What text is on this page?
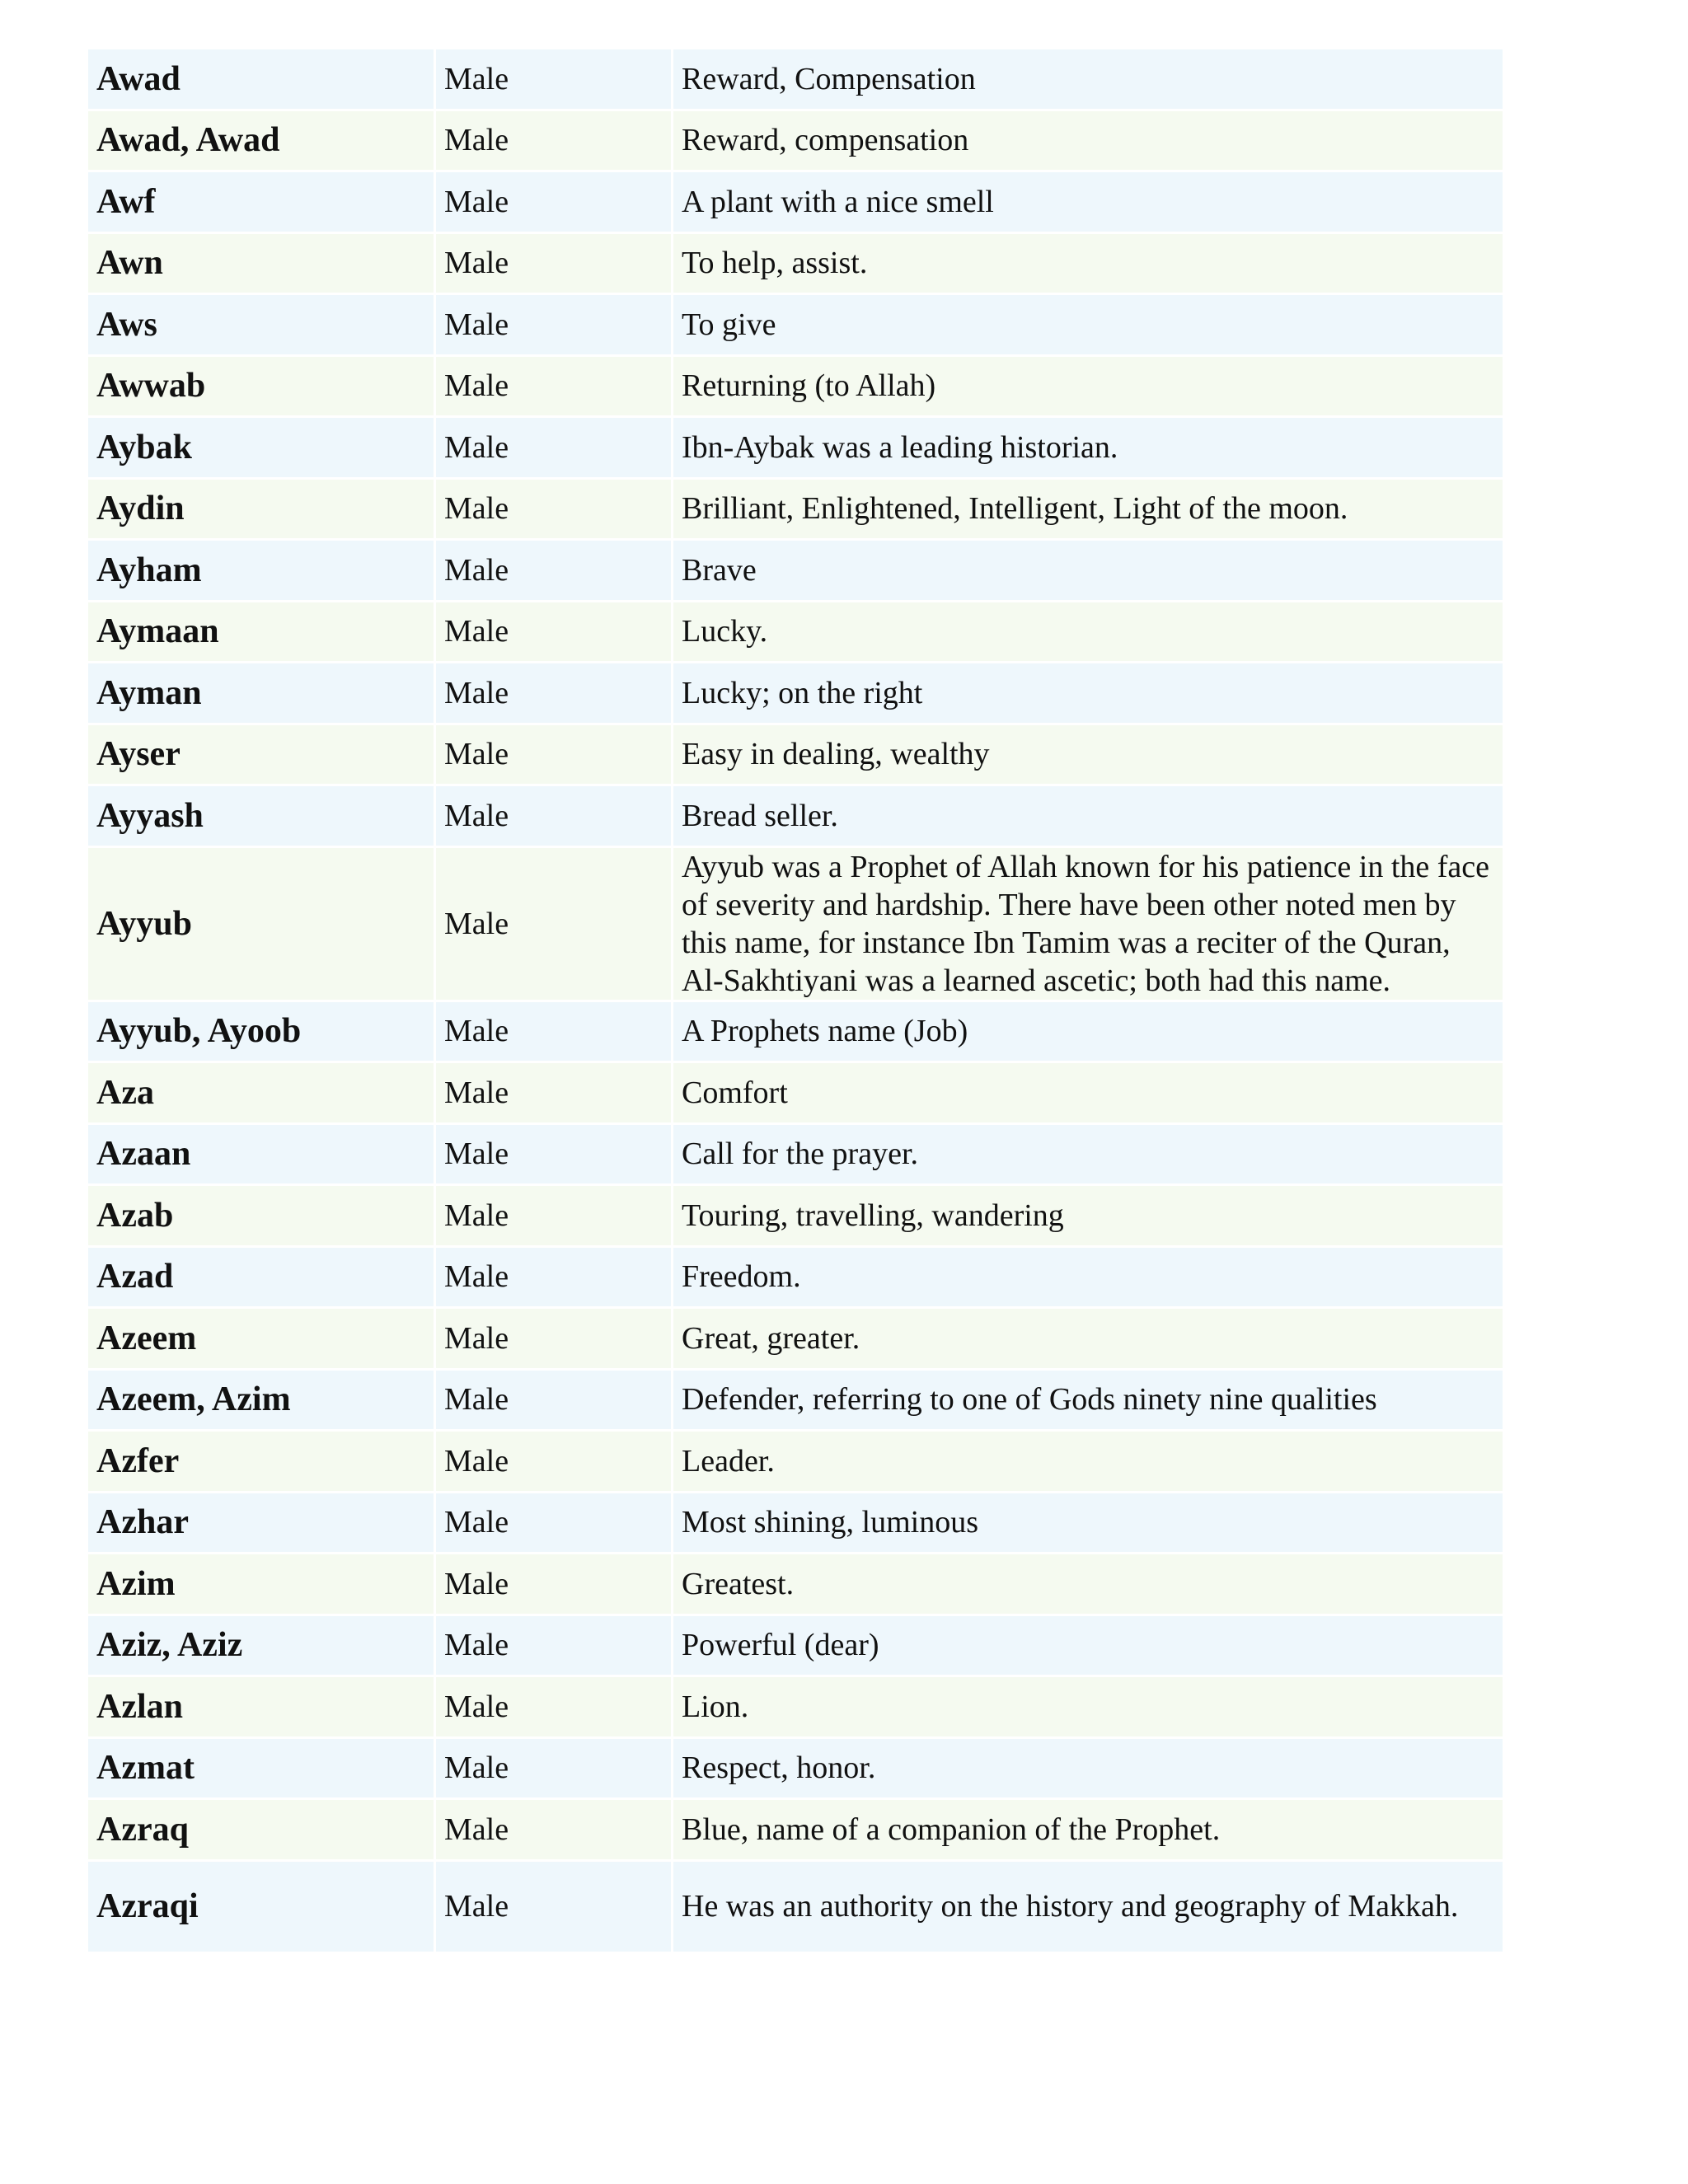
Awad	Male	Reward, Compensation
Awad, Awad	Male	Reward, compensation
Awf	Male	A plant with a nice smell
Awn	Male	To help, assist.
Aws	Male	To give
Awwab	Male	Returning (to Allah)
Aybak	Male	Ibn-Aybak was a leading historian.
Aydin	Male	Brilliant, Enlightened, Intelligent, Light of the moon.
Ayham	Male	Brave
Aymaan	Male	Lucky.
Ayman	Male	Lucky; on the right
Ayser	Male	Easy in dealing, wealthy
Ayyash	Male	Bread seller.
Ayyub	Male	Ayyub was a Prophet of Allah known for his patience in the face of severity and hardship. There have been other noted men by this name, for instance Ibn Tamim was a reciter of the Quran, Al-Sakhtiyani was a learned ascetic; both had this name.
Ayyub, Ayoob	Male	A Prophets name (Job)
Aza	Male	Comfort
Azaan	Male	Call for the prayer.
Azab	Male	Touring, travelling, wandering
Azad	Male	Freedom.
Azeem	Male	Great, greater.
Azeem, Azim	Male	Defender, referring to one of Gods ninety nine qualities
Azfer	Male	Leader.
Azhar	Male	Most shining, luminous
Azim	Male	Greatest.
Aziz, Aziz	Male	Powerful (dear)
Azlan	Male	Lion.
Azmat	Male	Respect, honor.
Azraq	Male	Blue, name of a companion of the Prophet.
Azraqi	Male	He was an authority on the history and geography of Makkah.
